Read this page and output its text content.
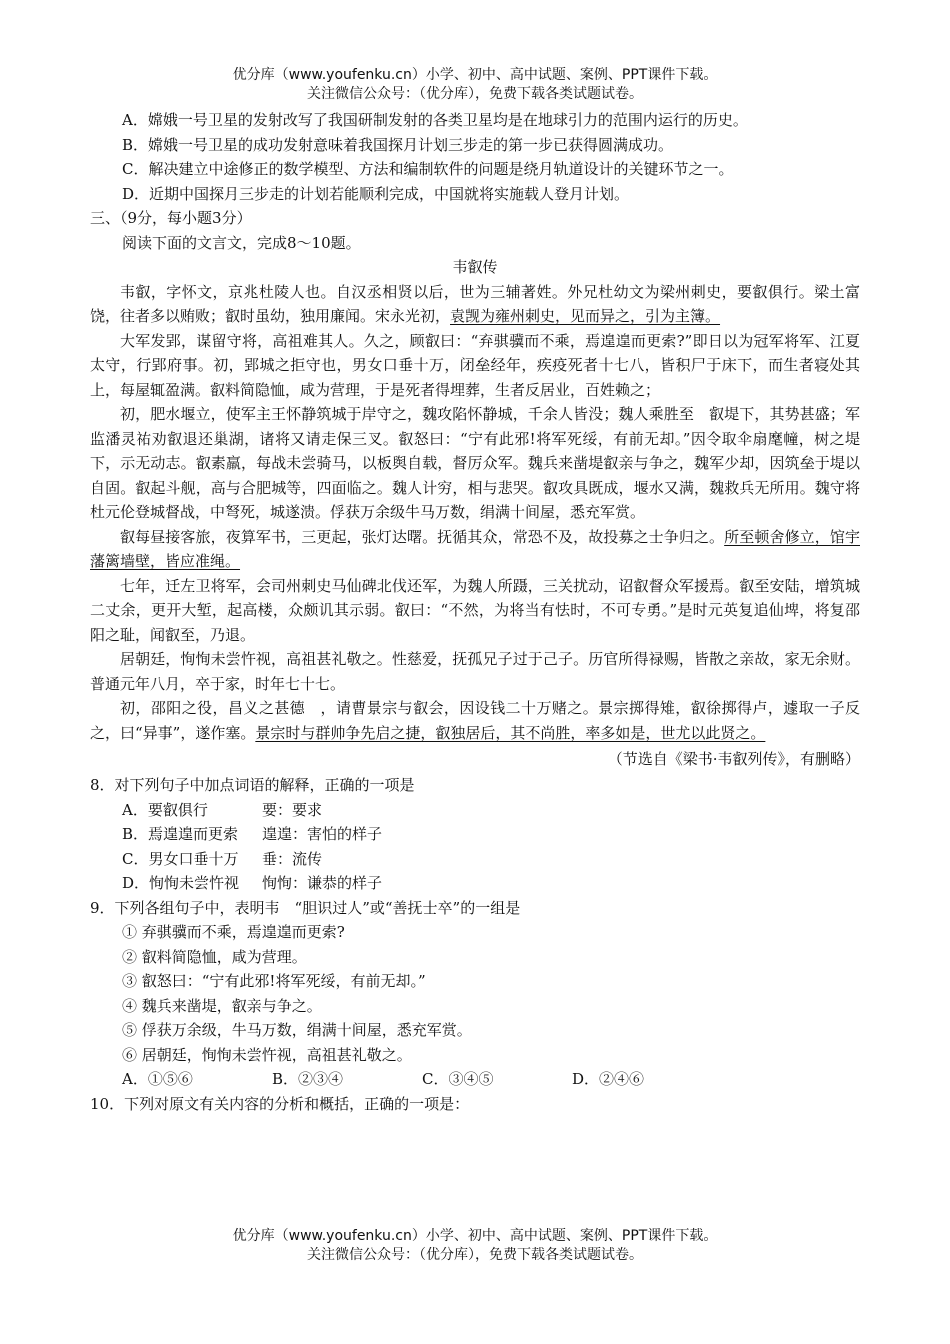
优分库（www.youfenku.cn）小学、初中、高中试题、案例、PPT课件下载。
关注微信公众号：（优分库），免费下载各类试题试卷。
A．嫦娥一号卫星的发射改写了我国研制发射的各类卫星均是在地球引力的范围内运行的历史。
B．嫦娥一号卫星的成功发射意味着我国探月计划三步走的第一步已获得圆满成功。
C．解决建立中途修正的数学模型、方法和编制软件的问题是绕月轨道设计的关键环节之一。
D．近期中国探月三步走的计划若能顺利完成，中国就将实施载人登月计划。
三、（9分，每小题3分）
阅读下面的文言文，完成8～10题。
韦叡传
韦叡，字怀文，京兆杜陵人也。自汉丞相贤以后，世为三辅著姓。外兄杜幼文为梁州刺史，要叡俱行。梁土富饶，往者多以贿败；叡时虽幼，独用廉闻。宋永光初，袁觊为雍州刺史，见而异之，引为主簿。
大军发郢，谋留守将，高祖难其人。久之，顾叡曰：“弃骐骥而不乘，焉遑遑而更索?”即日以为冠军将军、江夏太守，行郢府事。初，郢城之拒守也，男女口垂十万，闭垒经年，疾疫死者十七八，皆积尸于床下，而生者寝处其上，每屋辄盈满。叡料简隐恤，咸为营理，于是死者得埋葬，生者反居业，百姓赖之；
初，肥水堰立，使军主王怀静筑城于岸守之，魏攻陷怀静城，千余人皆没；魏人乘胜至　叡堤下，其势甚盛；军监潘灵祐劝叡退还巢湖，诸将又请走保三叉。叡怒曰：“宁有此邪!将军死绥，有前无却。”因令取伞扇麾幢，树之堤下，示无动志。叡素羸，每战未尝骑马，以板舆自载，督厉众军。魏兵来凿堤叡亲与争之，魏军少却，因筑垒于堤以自固。叡起斗舰，高与合肥城等，四面临之。魏人计穷，相与悲哭。叡攻具既成，堰水又满，魏救兵无所用。魏守将杜元伦登城督战，中弩死，城遂溃。俘获万余级牛马万数，绢满十间屋，悉充军赏。
叡每昼接客旅，夜算军书，三更起，张灯达曙。抚循其众，常恐不及，故投募之士争归之。所至顿舍修立，馆宇藩篱墙壁，皆应准绳。
七年，迁左卫将军，会司州刺史马仙碑北伐还军，为魏人所蹑，三关扰动，诏叡督众军援焉。叡至安陆，增筑城二丈余，更开大堑，起高楼，众颇讥其示弱。叡曰：“不然，为将当有怯时，不可专勇。”是时元英复追仙埤，将复邵阳之耻，闻叡至，乃退。
居朝廷，恂恂未尝忤视，高祖甚礼敬之。性慈爱，抚孤兄子过于己子。历官所得禄赐，皆散之亲故，家无余财。普通元年八月，卒于家，时年七十七。
初，邵阳之役，昌义之甚德　，请曹景宗与叡会，因设钱二十万赌之。景宗掷得雉，叡徐掷得卢，遽取一子反之，曰“异事”，遂作塞。景宗时与群帅争先启之捷，叡独居后，其不尚胜，率多如是，世尤以此贤之。
（节选自《梁书·韦叡列传》，有删略）
8．对下列句子中加点词语的解释，正确的一项是
A．要叡俱行	要：要求
B．焉遑遑而更索 遑遑：害怕的样子
C．男女口垂十万 垂：流传
D．恂恂未尝忤视 恂恂：谦恭的样子
9．下列各组句子中，表明韦　“胆识过人”或“善抚士卒”的一组是
① 弃骐骥而不乘，焉遑遑而更索?
② 叡料简隐恤，咸为营理。
③ 叡怒曰：“宁有此邪!将军死绥，有前无却。”
④ 魏兵来凿堤，叡亲与争之。
⑤ 俘获万余级，牛马万数，绢满十间屋，悉充军赏。
⑥ 居朝廷，恂恂未尝忤视，高祖甚礼敬之。
A．①⑤⑥	B．②③④	C．③④⑤	D．②④⑥
10．下列对原文有关内容的分析和概括，正确的一项是：
优分库（www.youfenku.cn）小学、初中、高中试题、案例、PPT课件下载。
关注微信公众号：（优分库），免费下载各类试题试卷。
